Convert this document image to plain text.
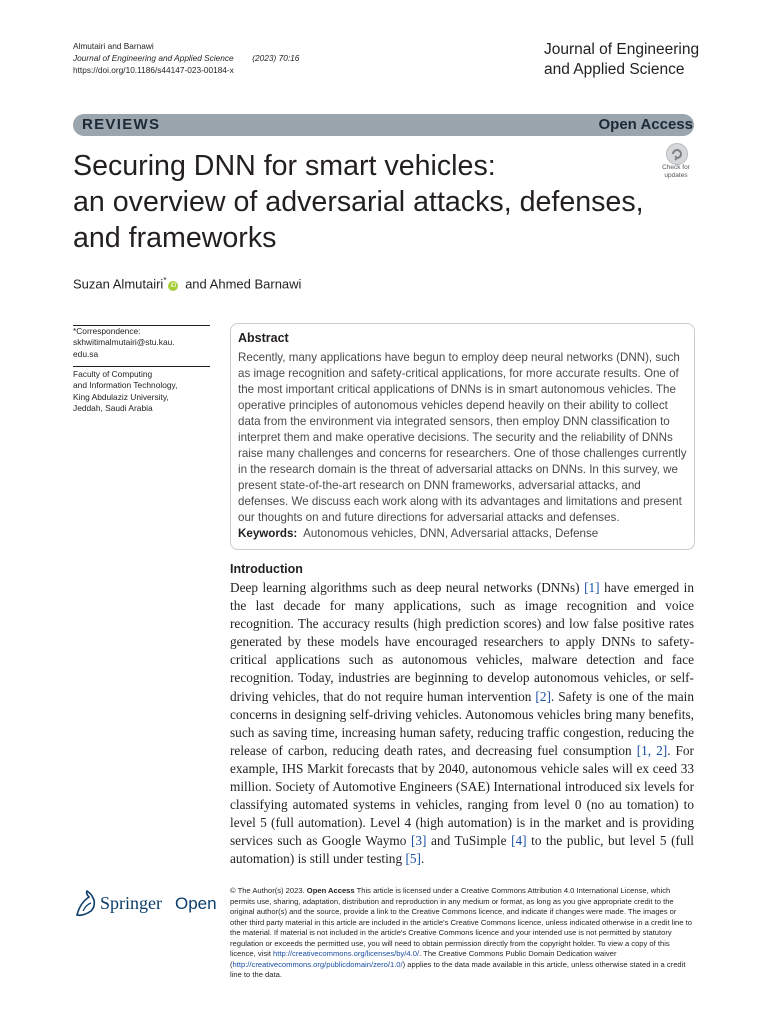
Almutairi and Barnawi
Journal of Engineering and Applied Science (2023) 70:16
https://doi.org/10.1186/s44147-023-00184-x
Journal of Engineering
and Applied Science
REVIEWS	Open Access
Securing DNN for smart vehicles:
an overview of adversarial attacks, defenses,
and frameworks
Check for updates
Suzan Almutairi*iD and Ahmed Barnawi
*Correspondence:
skhwitimalmutairi@stu.kau.
edu.sa
Faculty of Computing
and Information Technology,
King Abdulaziz University,
Jeddah, Saudi Arabia
Abstract
Recently, many applications have begun to employ deep neural networks (DNN), such as image recognition and safety-critical applications, for more accurate results. One of the most important critical applications of DNNs is in smart autonomous vehicles. The operative principles of autonomous vehicles depend heavily on their ability to collect data from the environment via integrated sensors, then employ DNN classification to interpret them and make operative decisions. The security and the reliability of DNNs raise many challenges and concerns for researchers. One of those challenges currently in the research domain is the threat of adversarial attacks on DNNs. In this survey, we present state-of-the-art research on DNN frameworks, adversarial attacks, and defenses. We discuss each work along with its advantages and limitations and present our thoughts on and future directions for adversarial attacks and defenses.
Keywords: Autonomous vehicles, DNN, Adversarial attacks, Defense
Introduction
Deep learning algorithms such as deep neural networks (DNNs) [1] have emerged in the last decade for many applications, such as image recognition and voice recognition. The accuracy results (high prediction scores) and low false positive rates generated by these models have encouraged researchers to apply DNNs to safety-critical applications such as autonomous vehicles, malware detection and face recognition. Today, industries are beginning to develop autonomous vehicles, or self-driving vehicles, that do not require human intervention [2]. Safety is one of the main concerns in designing self-driving vehicles. Autonomous vehicles bring many benefits, such as saving time, increasing human safety, reducing traffic congestion, reducing the release of carbon, reducing death rates, and decreasing fuel consumption [1, 2]. For example, IHS Markit forecasts that by 2040, autonomous vehicle sales will ex ceed 33 million. Society of Automotive Engineers (SAE) International introduced six levels for classifying automated systems in vehicles, ranging from level 0 (no au tomation) to level 5 (full automation). Level 4 (high automation) is in the market and is providing services such as Google Waymo [3] and TuSimple [4] to the public, but level 5 (full automation) is still under testing [5].
Springer Open
© The Author(s) 2023. Open Access This article is licensed under a Creative Commons Attribution 4.0 International License, which permits use, sharing, adaptation, distribution and reproduction in any medium or format, as long as you give appropriate credit to the original author(s) and the source, provide a link to the Creative Commons licence, and indicate if changes were made. The images or other third party material in this article are included in the article's Creative Commons licence, unless indicated otherwise in a credit line to the material. If material is not included in the article's Creative Commons licence and your intended use is not permitted by statutory regulation or exceeds the permitted use, you will need to obtain permission directly from the copyright holder. To view a copy of this licence, visit http://creativecommons.org/licenses/by/4.0/. The Creative Commons Public Domain Dedication waiver (http://creativecommons.org/publicdomain/zero/1.0/) applies to the data made available in this article, unless otherwise stated in a credit line to the data.
